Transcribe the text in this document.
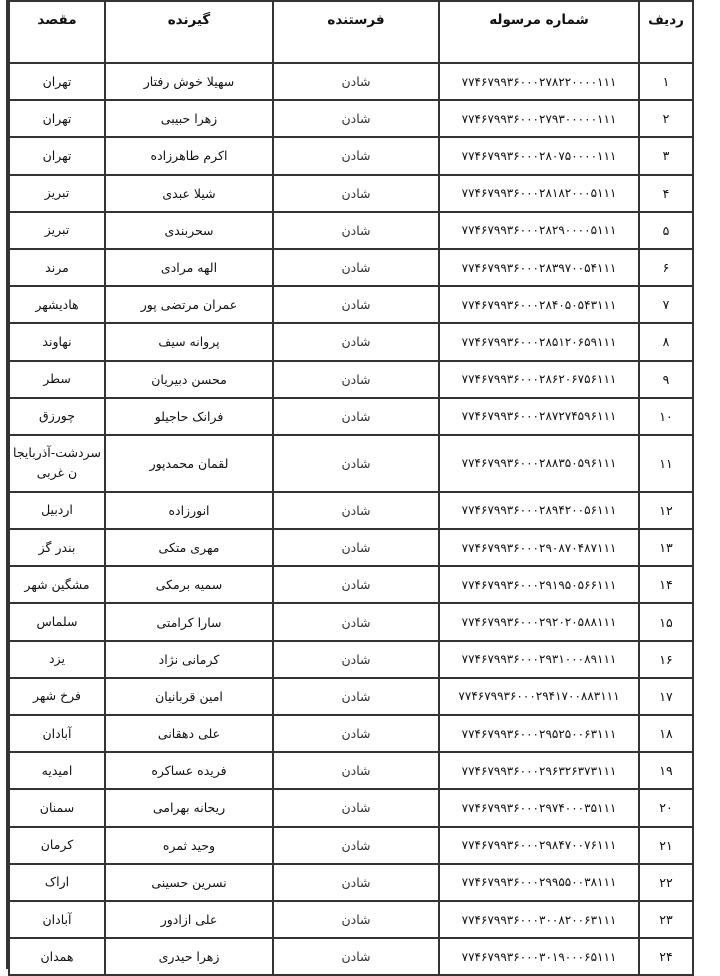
ردیف	شماره مرسوله	فرستنده	گیرنده	مقصد
۱	۷۷۴۶۷۹۹۳۶۰۰۰۲۷۸۲۲۰۰۰۰۱۱۱	شادن	سهیلا خوش رفتار	تهران
۲	۷۷۴۶۷۹۹۳۶۰۰۰۲۷۹۳۰۰۰۰۰۱۱۱	شادن	زهرا حبیبی	تهران
۳	۷۷۴۶۷۹۹۳۶۰۰۰۲۸۰۷۵۰۰۰۰۱۱۱	شادن	اکرم طاهرزاده	تهران
۴	۷۷۴۶۷۹۹۳۶۰۰۰۲۸۱۸۲۰۰۰۵۱۱۱	شادن	شیلا عبدی	تبریز
۵	۷۷۴۶۷۹۹۳۶۰۰۰۲۸۲۹۰۰۰۰۵۱۱۱	شادن	سحربندی	تبریز
۶	۷۷۴۶۷۹۹۳۶۰۰۰۲۸۳۹۷۰۰۵۴۱۱۱	شادن	الهه مرادی	مرند
۷	۷۷۴۶۷۹۹۳۶۰۰۰۲۸۴۰۵۰۵۴۳۱۱۱	شادن	عمران مرتضی پور	هادیشهر
۸	۷۷۴۶۷۹۹۳۶۰۰۰۲۸۵۱۲۰۶۵۹۱۱۱	شادن	پروانه سیف	نهاوند
۹	۷۷۴۶۷۹۹۳۶۰۰۰۲۸۶۲۰۶۷۵۶۱۱۱	شادن	محسن دبیریان	سطر
۱۰	۷۷۴۶۷۹۹۳۶۰۰۰۲۸۷۲۷۴۵۹۶۱۱۱	شادن	فرانک حاجیلو	چورزق
۱۱	۷۷۴۶۷۹۹۳۶۰۰۰۲۸۸۳۵۰۵۹۶۱۱۱	شادن	لقمان محمدپور	سردشت-آذربایجا ن غربی
۱۲	۷۷۴۶۷۹۹۳۶۰۰۰۲۸۹۴۲۰۰۵۶۱۱۱	شادن	انورزاده	اردبیل
۱۳	۷۷۴۶۷۹۹۳۶۰۰۰۲۹۰۸۷۰۴۸۷۱۱۱	شادن	مهری متکی	بندر گز
۱۴	۷۷۴۶۷۹۹۳۶۰۰۰۲۹۱۹۵۰۵۶۶۱۱۱	شادن	سمیه برمکی	مشگین شهر
۱۵	۷۷۴۶۷۹۹۳۶۰۰۰۲۹۲۰۲۰۵۸۸۱۱۱	شادن	سارا کرامتی	سلماس
۱۶	۷۷۴۶۷۹۹۳۶۰۰۰۲۹۳۱۰۰۰۸۹۱۱۱	شادن	کرمانی نژاد	یزد
۱۷	۷۷۴۶۷۹۹۳۶۰۰۰۲۹۴۱۷۰۰۸۸۳۱۱۱	شادن	امین قربانیان	فرخ شهر
۱۸	۷۷۴۶۷۹۹۳۶۰۰۰۲۹۵۲۵۰۰۶۳۱۱۱	شادن	علی دهقانی	آبادان
۱۹	۷۷۴۶۷۹۹۳۶۰۰۰۲۹۶۳۲۶۳۷۳۱۱۱	شادن	فریده عساکره	امیدیه
۲۰	۷۷۴۶۷۹۹۳۶۰۰۰۲۹۷۴۰۰۰۳۵۱۱۱	شادن	ریحانه بهرامی	سمنان
۲۱	۷۷۴۶۷۹۹۳۶۰۰۰۲۹۸۴۷۰۰۷۶۱۱۱	شادن	وحید ثمره	کرمان
۲۲	۷۷۴۶۷۹۹۳۶۰۰۰۲۹۹۵۵۰۰۳۸۱۱۱	شادن	نسرین حسینی	اراک
۲۳	۷۷۴۶۷۹۹۳۶۰۰۰۳۰۰۸۲۰۰۶۳۱۱۱	شادن	علی ازادور	آبادان
۲۴	۷۷۴۶۷۹۹۳۶۰۰۰۳۰۱۹۰۰۰۶۵۱۱۱	شادن	زهرا حیدری	همدان
